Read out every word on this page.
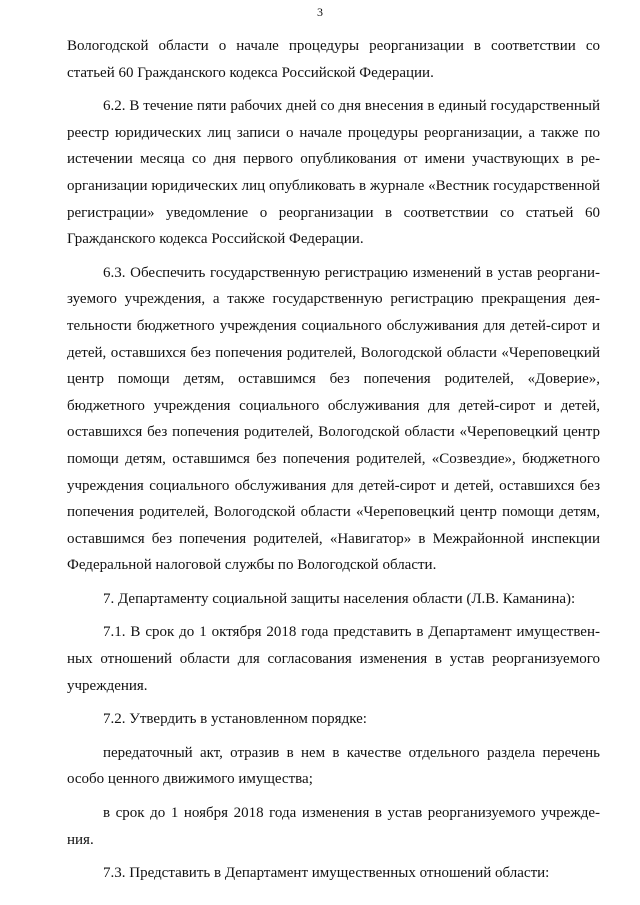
3

Вологодской области о начале процедуры реорганизации в соответствии со статьей 60 Гражданского кодекса Российской Федерации.

6.2. В течение пяти рабочих дней со дня внесения в единый государственный реестр юридических лиц записи о начале процедуры реорганизации, а также по истечении месяца со дня первого опубликования от имени участвующих в реорганизации юридических лиц опубликовать в журнале «Вестник государственной регистрации» уведомление о реорганизации в соответствии со статьей 60 Гражданского кодекса Российской Федерации.

6.3. Обеспечить государственную регистрацию изменений в устав реорганизуемого учреждения, а также государственную регистрацию прекращения деятельности бюджетного учреждения социального обслуживания для детей-сирот и детей, оставшихся без попечения родителей, Вологодской области «Череповецкий центр помощи детям, оставшимся без попечения родителей, «Доверие», бюджетного учреждения социального обслуживания для детей-сирот и детей, оставшихся без попечения родителей, Вологодской области «Череповецкий центр помощи детям, оставшимся без попечения родителей, «Созвездие», бюджетного учреждения социального обслуживания для детей-сирот и детей, оставшихся без попечения родителей, Вологодской области «Череповецкий центр помощи детям, оставшимся без попечения родителей, «Навигатор» в Межрайонной инспекции Федеральной налоговой службы по Вологодской области.

7. Департаменту социальной защиты населения области (Л.В. Каманина):

7.1. В срок до 1 октября 2018 года представить в Департамент имущественных отношений области для согласования изменения в устав реорганизуемого учреждения.

7.2. Утвердить в установленном порядке:

передаточный акт, отразив в нем в качестве отдельного раздела перечень особо ценного движимого имущества;

в срок до 1 ноября 2018 года изменения в устав реорганизуемого учреждения.

7.3. Представить в Департамент имущественных отношений области:
